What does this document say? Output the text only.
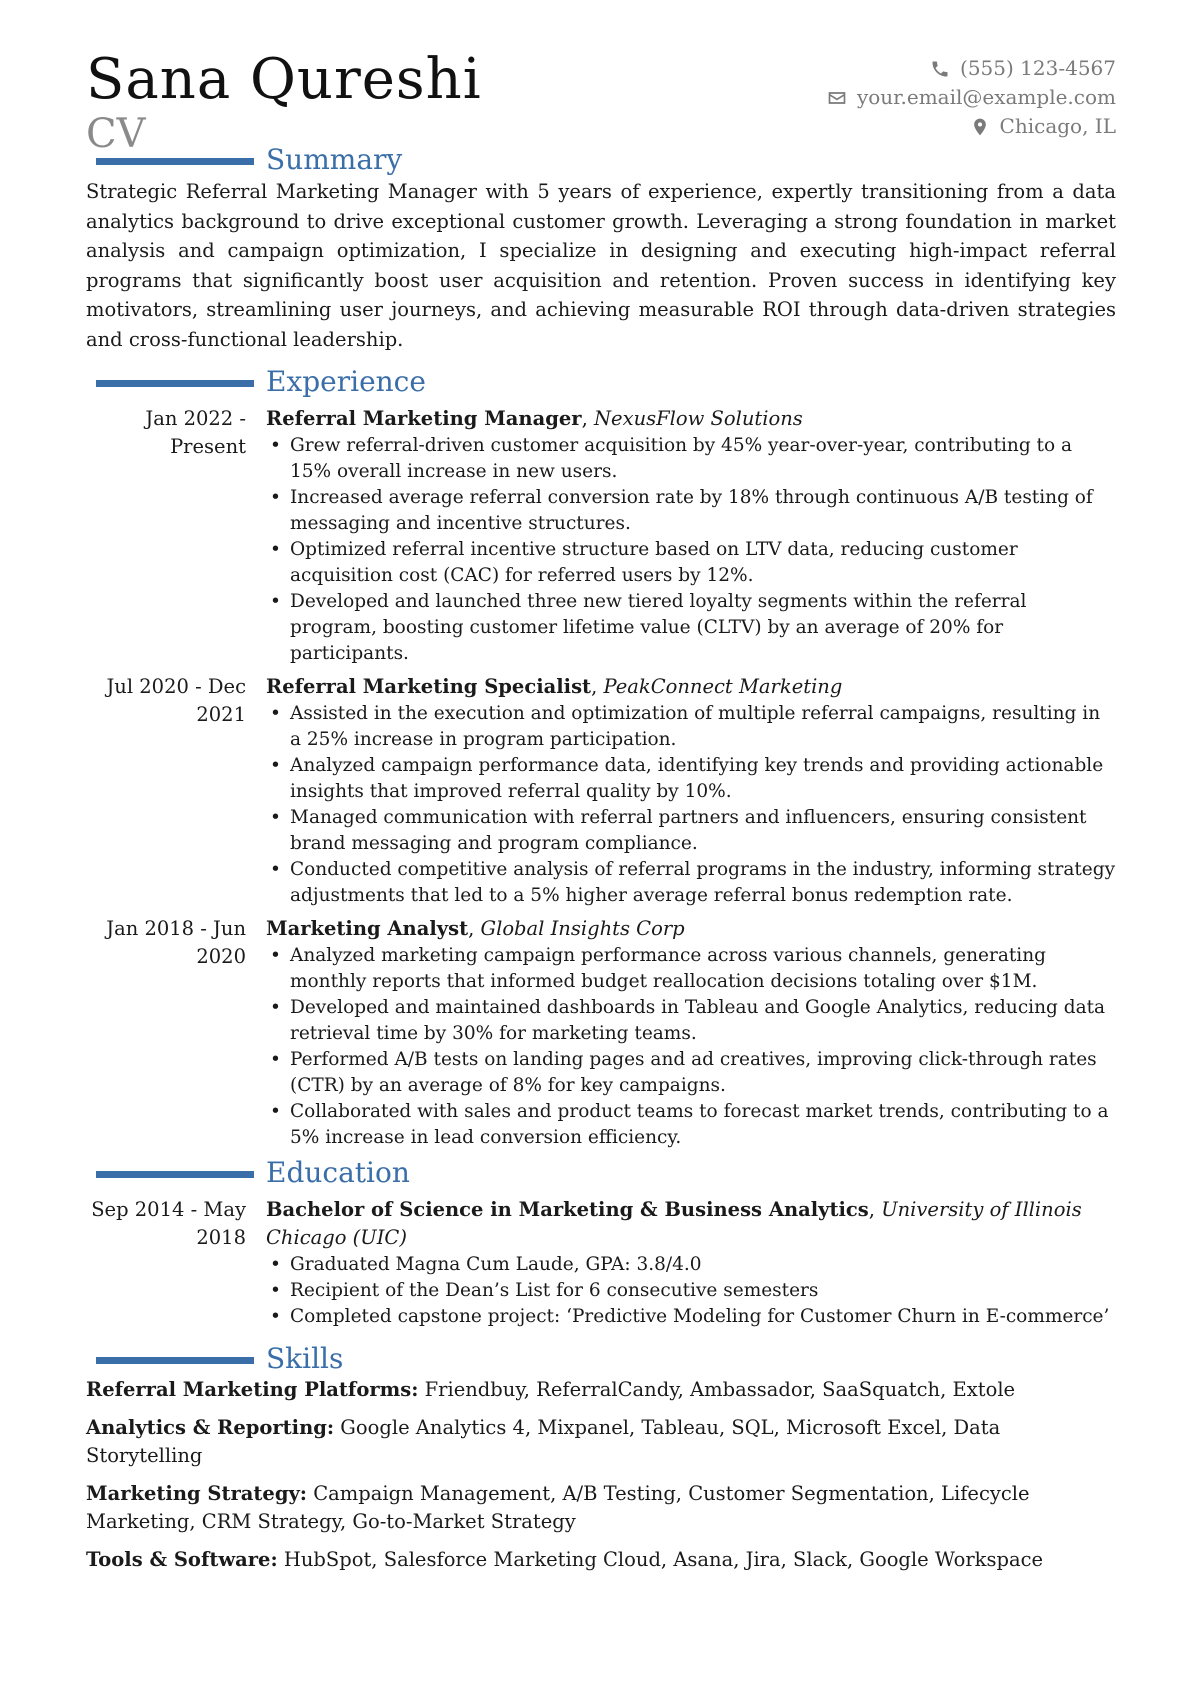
Sana Qureshi
CV
(555) 123-4567
your.email@example.com
Chicago, IL
Summary

Strategic Referral Marketing Manager with 5 years of experience, expertly transitioning from a data analytics background to drive exceptional customer growth. Leveraging a strong foundation in market analysis and campaign optimization, I specialize in designing and executing high-impact referral programs that significantly boost user acquisition and retention. Proven success in identifying key motivators, streamlining user journeys, and achieving measurable ROI through data-driven strategies and cross-functional leadership.

Experience
Jan 2022 - Present
Referral Marketing Manager, NexusFlow Solutions
• Grew referral-driven customer acquisition by 45% year-over-year, contributing to a 15% overall increase in new users.
• Increased average referral conversion rate by 18% through continuous A/B testing of messaging and incentive structures.
• Optimized referral incentive structure based on LTV data, reducing customer acquisition cost (CAC) for referred users by 12%.
• Developed and launched three new tiered loyalty segments within the referral program, boosting customer lifetime value (CLTV) by an average of 20% for participants.
Jul 2020 - Dec 2021
Referral Marketing Specialist, PeakConnect Marketing
• Assisted in the execution and optimization of multiple referral campaigns, resulting in a 25% increase in program participation.
• Analyzed campaign performance data, identifying key trends and providing actionable insights that improved referral quality by 10%.
• Managed communication with referral partners and influencers, ensuring consistent brand messaging and program compliance.
• Conducted competitive analysis of referral programs in the industry, informing strategy adjustments that led to a 5% higher average referral bonus redemption rate.
Jan 2018 - Jun 2020
Marketing Analyst, Global Insights Corp
• Analyzed marketing campaign performance across various channels, generating monthly reports that informed budget reallocation decisions totaling over $1M.
• Developed and maintained dashboards in Tableau and Google Analytics, reducing data retrieval time by 30% for marketing teams.
• Performed A/B tests on landing pages and ad creatives, improving click-through rates (CTR) by an average of 8% for key campaigns.
• Collaborated with sales and product teams to forecast market trends, contributing to a 5% increase in lead conversion efficiency.
Education
Sep 2014 - May 2018
Bachelor of Science in Marketing & Business Analytics, University of Illinois Chicago (UIC)
• Graduated Magna Cum Laude, GPA: 3.8/4.0
• Recipient of the Dean’s List for 6 consecutive semesters
• Completed capstone project: ‘Predictive Modeling for Customer Churn in E-commerce’
Skills

Referral Marketing Platforms: Friendbuy, ReferralCandy, Ambassador, SaaSquatch, Extole

Analytics & Reporting: Google Analytics 4, Mixpanel, Tableau, SQL, Microsoft Excel, Data Storytelling

Marketing Strategy: Campaign Management, A/B Testing, Customer Segmentation, Lifecycle Marketing, CRM Strategy, Go-to-Market Strategy

Tools & Software: HubSpot, Salesforce Marketing Cloud, Asana, Jira, Slack, Google Workspace
